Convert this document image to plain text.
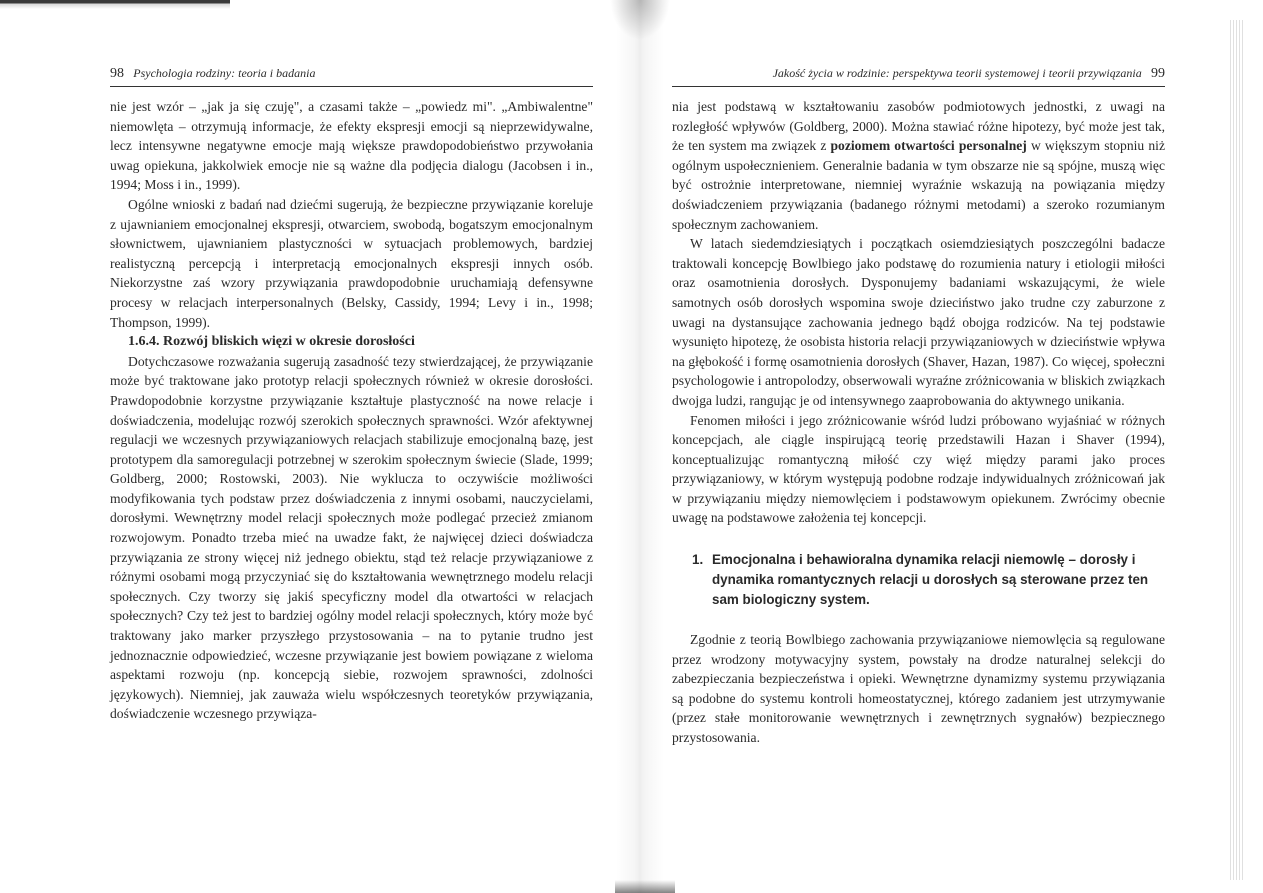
98 Psychologia rodziny: teoria i badania

nie jest wzór – „jak ja się czuję", a czasami także – „powiedz mi". „Ambiwalentne" niemowlęta – otrzymują informacje, że efekty ekspresji emocji są nieprzewidywalne, lecz intensywne negatywne emocje mają większe prawdopodobieństwo przywołania uwag opiekuna, jakkolwiek emocje nie są ważne dla podjęcia dialogu (Jacobsen i in., 1994; Moss i in., 1999).

Ogólne wnioski z badań nad dziećmi sugerują, że bezpieczne przywiązanie koreluje z ujawnianiem emocjonalnej ekspresji, otwarciem, swobodą, bogatszym emocjonalnym słownictwem, ujawnianiem plastyczności w sytuacjach problemowych, bardziej realistyczną percepcją i interpretacją emocjonalnych ekspresji innych osób. Niekorzystne zaś wzory przywiązania prawdopodobnie uruchamiają defensywne procesy w relacjach interpersonalnych (Belsky, Cassidy, 1994; Levy i in., 1998; Thompson, 1999).

1.6.4. Rozwój bliskich więzi w okresie dorosłości

Dotychczasowe rozważania sugerują zasadność tezy stwierdzającej, że przywiązanie może być traktowane jako prototyp relacji społecznych również w okresie dorosłości. Prawdopodobnie korzystne przywiązanie kształtuje plastyczność na nowe relacje i doświadczenia, modelując rozwój szerokich społecznych sprawności. Wzór afektywnej regulacji we wczesnych przywiązaniowych relacjach stabilizuje emocjonalną bazę, jest prototypem dla samoregulacji potrzebnej w szerokim społecznym świecie (Slade, 1999; Goldberg, 2000; Rostowski, 2003). Nie wyklucza to oczywiście możliwości modyfikowania tych podstaw przez doświadczenia z innymi osobami, nauczycielami, dorosłymi. Wewnętrzny model relacji społecznych może podlegać przecież zmianom rozwojowym. Ponadto trzeba mieć na uwadze fakt, że najwięcej dzieci doświadcza przywiązania ze strony więcej niż jednego obiektu, stąd też relacje przywiązaniowe z różnymi osobami mogą przyczyniać się do kształtowania wewnętrznego modelu relacji społecznych. Czy tworzy się jakiś specyficzny model dla otwartości w relacjach społecznych? Czy też jest to bardziej ogólny model relacji społecznych, który może być traktowany jako marker przyszłego przystosowania – na to pytanie trudno jest jednoznacznie odpowiedzieć, wczesne przywiązanie jest bowiem powiązane z wieloma aspektami rozwoju (np. koncepcją siebie, rozwojem sprawności, zdolności językowych). Niemniej, jak zauważa wielu współczesnych teoretyków przywiązania, doświadczenie wczesnego przywiąza-

Jakość życia w rodzinie: perspektywa teorii systemowej i teorii przywiązania 99

nia jest podstawą w kształtowaniu zasobów podmiotowych jednostki, z uwagi na rozległość wpływów (Goldberg, 2000). Można stawiać różne hipotezy, być może jest tak, że ten system ma związek z poziomem otwartości personalnej w większym stopniu niż ogólnym uspołecznieniem. Generalnie badania w tym obszarze nie są spójne, muszą więc być ostrożnie interpretowane, niemniej wyraźnie wskazują na powiązania między doświadczeniem przywiązania (badanego różnymi metodami) a szeroko rozumianym społecznym zachowaniem.

W latach siedemdziesiątych i początkach osiemdziesiątych poszczególni badacze traktowali koncepcję Bowlbiego jako podstawę do rozumienia natury i etiologii miłości oraz osamotnienia dorosłych. Dysponujemy badaniami wskazującymi, że wiele samotnych osób dorosłych wspomina swoje dzieciństwo jako trudne czy zaburzone z uwagi na dystansujące zachowania jednego bądź obojga rodziców. Na tej podstawie wysunięto hipotezę, że osobista historia relacji przywiązaniowych w dzieciństwie wpływa na głębokość i formę osamotnienia dorosłych (Shaver, Hazan, 1987). Co więcej, społeczni psychologowie i antropolodzy, obserwowali wyraźne zróżnicowania w bliskich związkach dwojga ludzi, rangując je od intensywnego zaaprobowania do aktywnego unikania.

Fenomen miłości i jego zróżnicowanie wśród ludzi próbowano wyjaśniać w różnych koncepcjach, ale ciągle inspirującą teorię przedstawili Hazan i Shaver (1994), konceptualizując romantyczną miłość czy więź między parami jako proces przywiązaniowy, w którym występują podobne rodzaje indywidualnych zróżnicowań jak w przywiązaniu między niemowlęciem i podstawowym opiekunem. Zwrócimy obecnie uwagę na podstawowe założenia tej koncepcji.

1. Emocjonalna i behawioralna dynamika relacji niemowlę – dorosły i dynamika romantycznych relacji u dorosłych są sterowane przez ten sam biologiczny system.

Zgodnie z teorią Bowlbiego zachowania przywiązaniowe niemowlęcia są regulowane przez wrodzony motywacyjny system, powstały na drodze naturalnej selekcji do zabezpieczania bezpieczeństwa i opieki. Wewnętrzne dynamizmy systemu przywiązania są podobne do systemu kontroli homeostatycznej, którego zadaniem jest utrzymywanie (przez stałe monitorowanie wewnętrznych i zewnętrznych sygnałów) bezpiecznego przystosowania.
